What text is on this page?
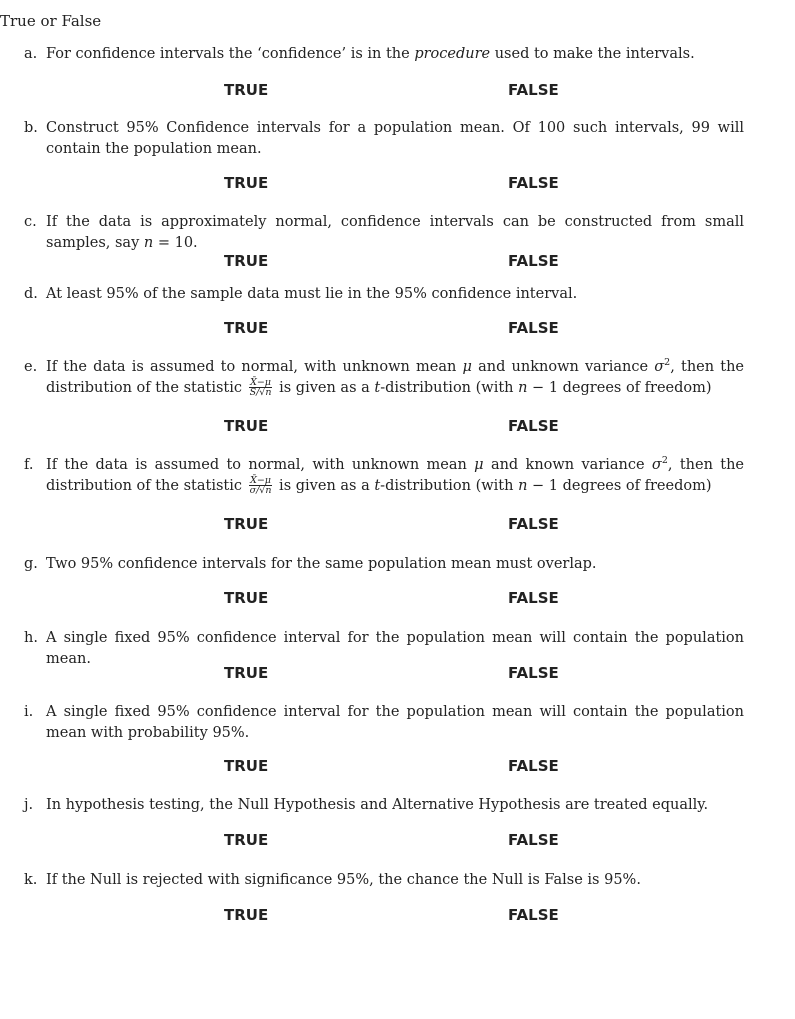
True or False
a. For confidence intervals the ‘confidence’ is in the procedure used to make the intervals.
TRUE	FALSE
b. Construct 95% Confidence intervals for a population mean. Of 100 such intervals, 99 will contain the population mean.
TRUE	FALSE
c. If the data is approximately normal, confidence intervals can be constructed from small samples, say n = 10.
TRUE	FALSE
d. At least 95% of the sample data must lie in the 95% confidence interval.
TRUE	FALSE
e. If the data is assumed to normal, with unknown mean μ and unknown variance $\sigma^2$, then the distribution of the statistic $\frac{X̄-\mu}{S/√n}$ is given as a t-distribution (with n − 1 degrees of freedom)
TRUE	FALSE
f. If the data is assumed to normal, with unknown mean μ and known variance $\sigma^2$, then the distribution of the statistic $\frac{X̄-\mu}{\sigma/√n}$ is given as a t-distribution (with n − 1 degrees of freedom)
TRUE	FALSE
g. Two 95% confidence intervals for the same population mean must overlap.
TRUE	FALSE
h. A single fixed 95% confidence interval for the population mean will contain the population mean.
TRUE	FALSE
i. A single fixed 95% confidence interval for the population mean will contain the population mean with probability 95%.
TRUE	FALSE
j. In hypothesis testing, the Null Hypothesis and Alternative Hypothesis are treated equally.
TRUE	FALSE
k. If the Null is rejected with significance 95%, the chance the Null is False is 95%.
TRUE	FALSE
